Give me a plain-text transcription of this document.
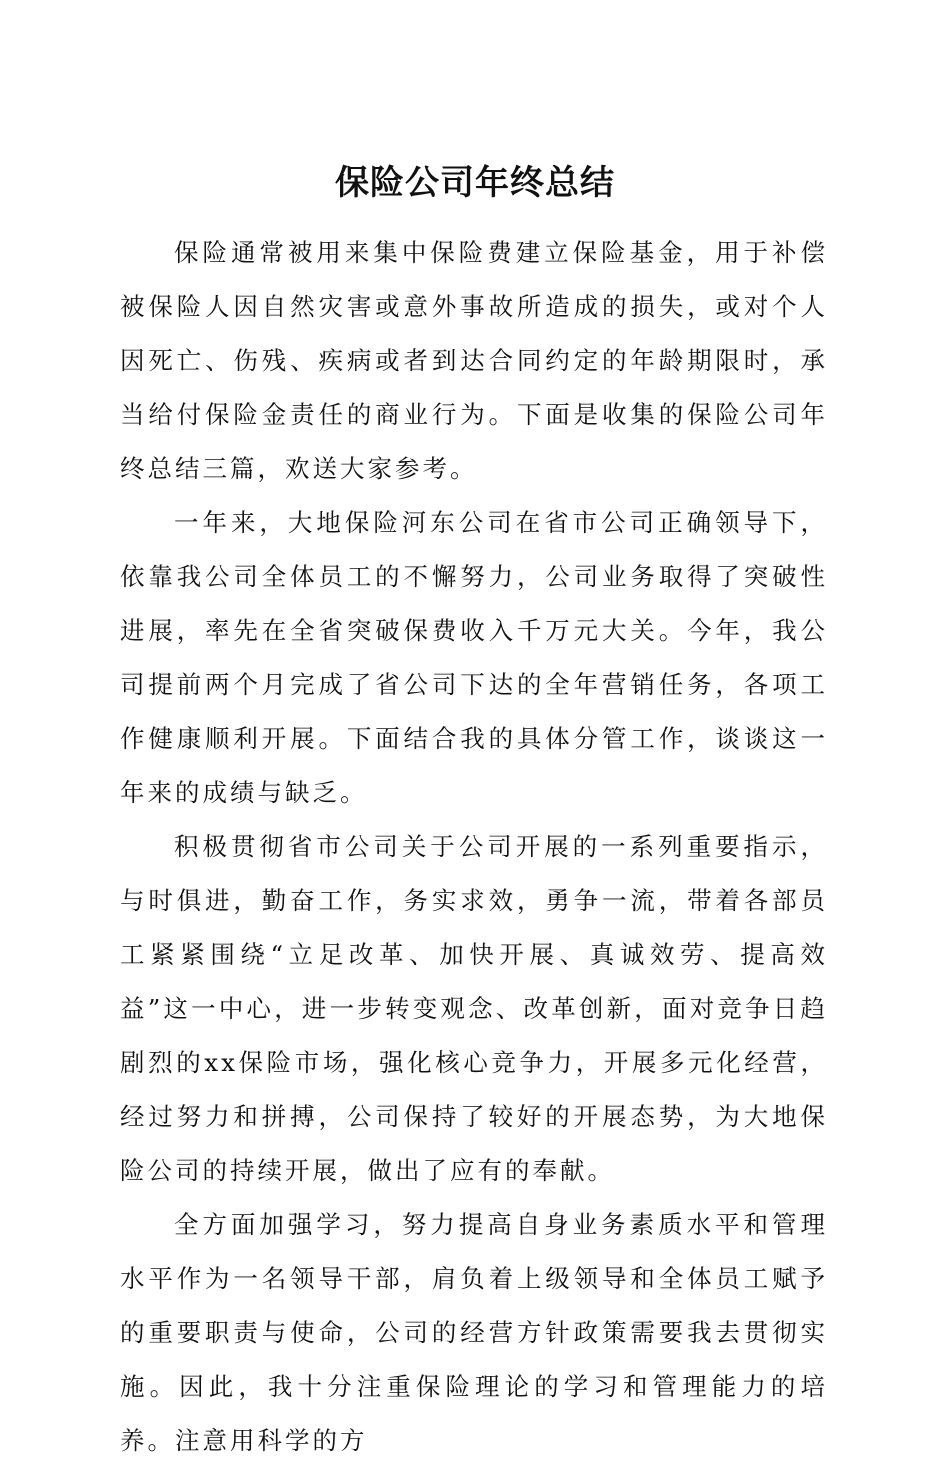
保险公司年终总结

保险通常被用来集中保险费建立保险基金，用于补偿被保险人因自然灾害或意外事故所造成的损失，或对个人因死亡、伤残、疾病或者到达合同约定的年龄期限时，承当给付保险金责任的商业行为。下面是收集的保险公司年终总结三篇，欢送大家参考。

一年来，大地保险河东公司在省市公司正确领导下，依靠我公司全体员工的不懈努力，公司业务取得了突破性进展，率先在全省突破保费收入千万元大关。今年，我公司提前两个月完成了省公司下达的全年营销任务，各项工作健康顺利开展。下面结合我的具体分管工作，谈谈这一年来的成绩与缺乏。

积极贯彻省市公司关于公司开展的一系列重要指示，与时俱进，勤奋工作，务实求效，勇争一流，带着各部员工紧紧围绕“立足改革、加快开展、真诚效劳、提高效益”这一中心，进一步转变观念、改革创新，面对竞争日趋剧烈的xx保险市场，强化核心竞争力，开展多元化经营，经过努力和拼搏，公司保持了较好的开展态势，为大地保险公司的持续开展，做出了应有的奉献。

全方面加强学习，努力提高自身业务素质水平和管理水平作为一名领导干部，肩负着上级领导和全体员工赋予的重要职责与使命，公司的经营方针政策需要我去贯彻实施。因此，我十分注重保险理论的学习和管理能力的培养。注意用科学的方
